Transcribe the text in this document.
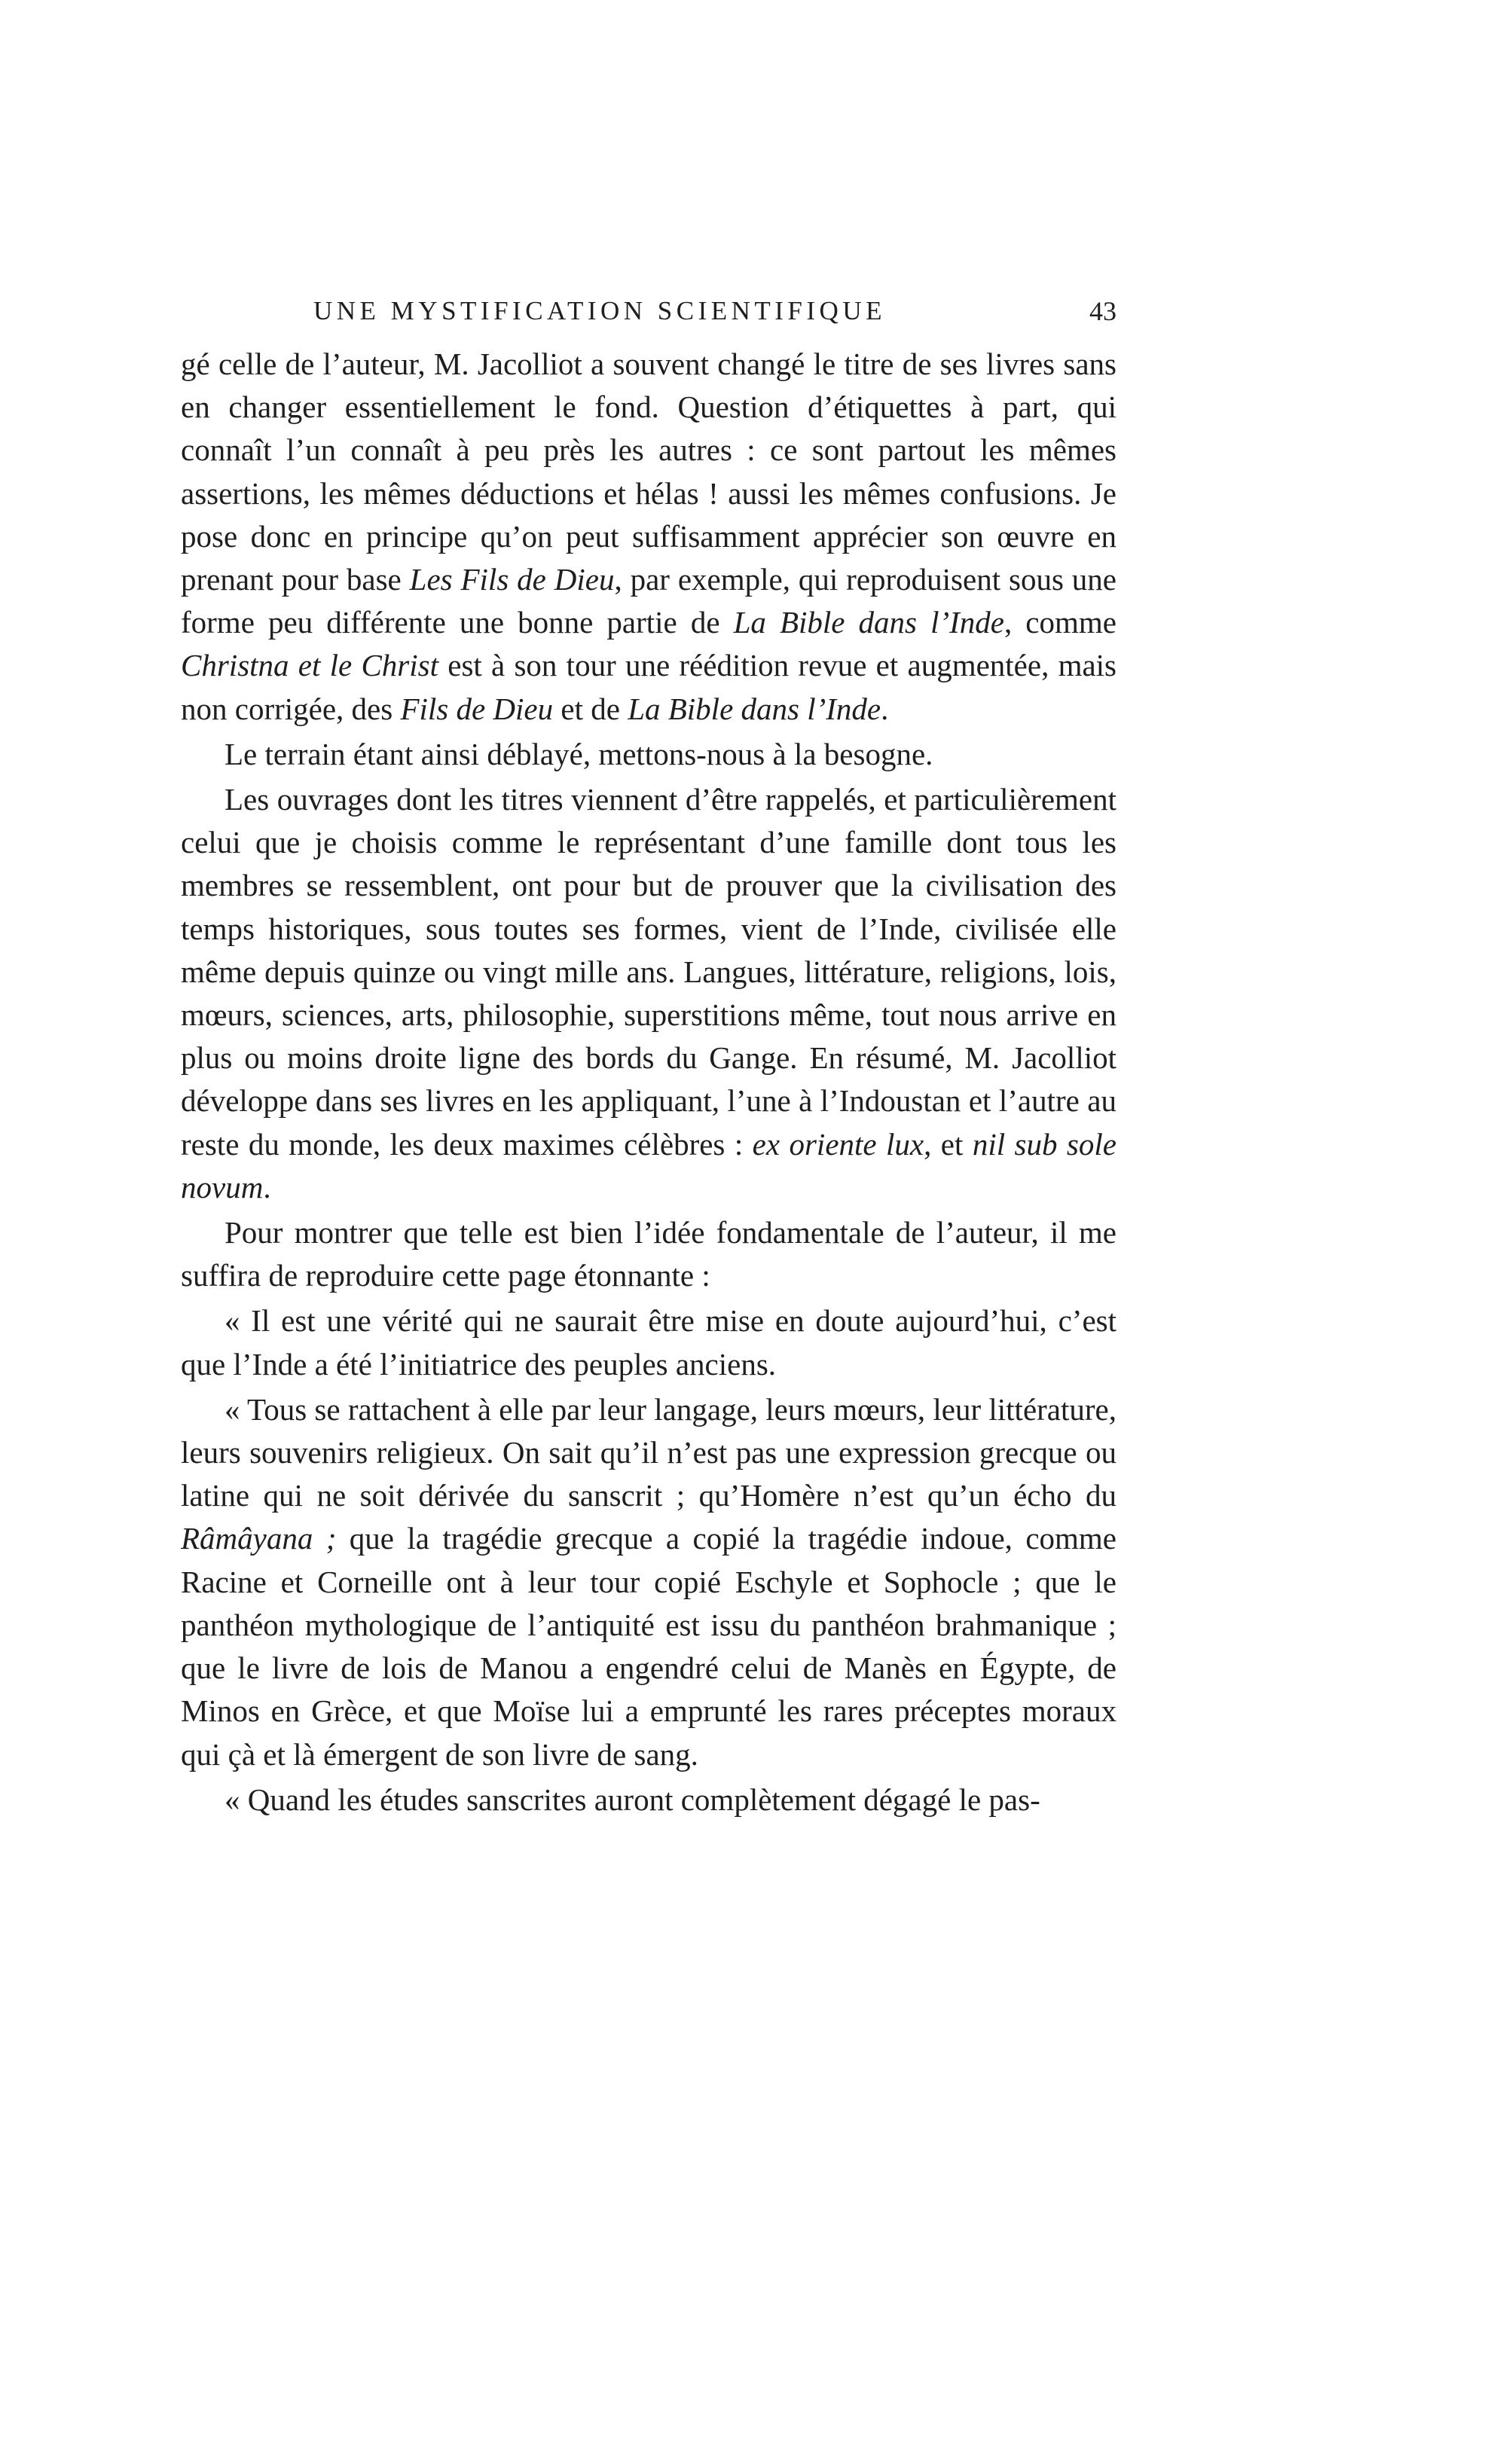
UNE MYSTIFICATION SCIENTIFIQUE	43

gé celle de l’auteur, M. Jacolliot a souvent changé le titre de ses livres sans en changer essentiellement le fond. Question d’étiquettes à part, qui connaît l’un connaît à peu près les autres : ce sont partout les mêmes assertions, les mêmes déductions et hélas ! aussi les mêmes confusions. Je pose donc en principe qu’on peut suffisamment apprécier son œuvre en prenant pour base Les Fils de Dieu, par exemple, qui reproduisent sous une forme peu différente une bonne partie de La Bible dans l’Inde, comme Christna et le Christ est à son tour une réédition revue et augmentée, mais non corrigée, des Fils de Dieu et de La Bible dans l’Inde.

Le terrain étant ainsi déblayé, mettons-nous à la besogne.

Les ouvrages dont les titres viennent d’être rappelés, et particulièrement celui que je choisis comme le représentant d’une famille dont tous les membres se ressemblent, ont pour but de prouver que la civilisation des temps historiques, sous toutes ses formes, vient de l’Inde, civilisée elle même depuis quinze ou vingt mille ans. Langues, littérature, religions, lois, mœurs, sciences, arts, philosophie, superstitions même, tout nous arrive en plus ou moins droite ligne des bords du Gange. En résumé, M. Jacolliot développe dans ses livres en les appliquant, l’une à l’Indoustan et l’autre au reste du monde, les deux maximes célèbres : ex oriente lux, et nil sub sole novum.

Pour montrer que telle est bien l’idée fondamentale de l’auteur, il me suffira de reproduire cette page étonnante :

« Il est une vérité qui ne saurait être mise en doute aujourd’hui, c’est que l’Inde a été l’initiatrice des peuples anciens.

« Tous se rattachent à elle par leur langage, leurs mœurs, leur littérature, leurs souvenirs religieux. On sait qu’il n’est pas une expression grecque ou latine qui ne soit dérivée du sanscrit ; qu’Homère n’est qu’un écho du Râmâyana ; que la tragédie grecque a copié la tragédie indoue, comme Racine et Corneille ont à leur tour copié Eschyle et Sophocle ; que le panthéon mythologique de l’antiquité est issu du panthéon brahmanique ; que le livre de lois de Manou a engendré celui de Manès en Égypte, de Minos en Grèce, et que Moïse lui a emprunté les rares préceptes moraux qui çà et là émergent de son livre de sang.

« Quand les études sanscrites auront complètement dégagé le pas-
